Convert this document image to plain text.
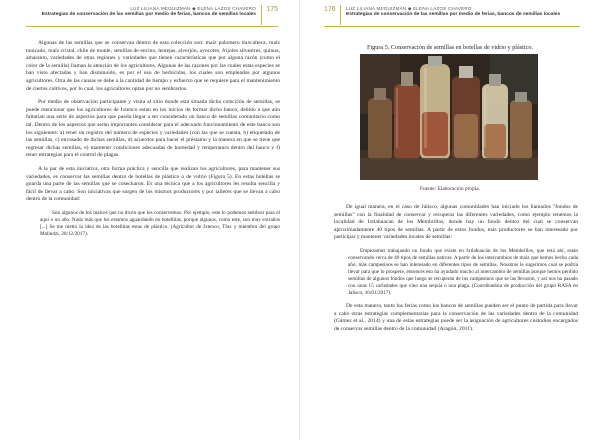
LUZ LILIANA MEGUIZMÁN ◆ ELENA LAZOS CHAVERO
Estrategias de conservación de las semillas por medio de ferias, bancos de semillas locales
175

Algunas de las semillas que se conservan dentro de esta colección son: maíz palomero tlaxcalteca, maíz tunicado, maíz cristal, chile de monte, semillas de encino, lentejas, alverjón, ayocotes, frijoles silvestres, quinua, amaranto, variedades de otras regiones y variedades que tienen características que por alguna razón (como el color de la semilla) llaman la atención de los agricultores. Algunas de las razones por las cuales estas especies se han visto afectadas y han disminuido, es por el uso de herbicidas, los cuales son empleados por algunos agricultores. Otra de las causas se debe a la cantidad de tiempo y esfuerzo que se requiere para el mantenimiento de ciertos cultivos, por lo cual, los agricultores optan por no sembrarlos.

Por medio de observación participante y visita al sitio donde está situada dicha colección de semillas, se puede mencionar que los agricultores de Ixtenco están en los inicios de formar dicho banco, debido a que aún faltarían una serie de aspectos para que pueda llegar a ser considerado un banco de semillas comunitario como tal. Dentro de los aspectos que serán importantes considerar para el adecuado funcionamiento de este banco son los siguientes: a) tener un registro del número de especies y variedades (con las que se cuenta, b) etiquetado de las semillas, c) envasado de dichas semillas, d) acuerdos para hacer el préstamo y la manera en que se tiene que regresar dichas semillas, e) mantener condiciones adecuadas de humedad y temperatura dentro del banco y f) tener estrategias para el control de plagas.

A la par de esta iniciativa, otra forma práctica y sencilla que realizan los agricultores, para mantener sus variedades, es conservar las semillas dentro de botellas de plástico o de vidrio (Figura 5). En estas botellas se guarda una parte de las semillas que se cosecharon. Es una técnica que a los agricultores les resulta sencilla y fácil de llevar a cabo. Son iniciativas que surgen de los mismos productores y por talleres que se llevan a cabo dentro de la comunidad:

Son algunos de los maíces que no dicen que los conservemos. Por ejemplo, este lo podemos sembrar para el aquí o un año. Nada más que los estamos aguardando en botellitas, porque algunos, como este, son muy extraños [...] Se me metió la idea de las botellitas estas de plástico. (Agricultor de Ixtenco, Tlax y miembro del grupo Malindzi, 20/12/2017).

176 LUZ LILIANA MEGUIZMÁN ◆ ELENA LAZOS CHAVERO
Estrategias de conservación de las semillas por medio de ferias, bancos de semillas locales
Figura 5. Conservación de semillas en botellas de vidrio y plástico.
Fuente: Elaboración propia.

De igual manera, en el caso de Jalisco, algunas comunidades han iniciado los llamados "fondos de semillas" con la finalidad de conservar y recuperar las diferentes variedades, como ejemplo tenemos la localidad de Ixtlahuacán de los Membrillos, donde hay un fondo dentro del cual se conservan aproximadamente 40 tipos de semillas. A partir de estos fondos, más productores se han interesado por participar y mantener variedades locales de semillas:

Empezamos trabajando un fondo que existe en Ixtlahuacán de los Membrillos, que está ahí, están conservando cerca de 40 tipos de semillas nativas. A partir de los intercambios de maíz que hemos hecho cada año, más campesinos se han interesado en diferentes tipos de semillas. Nosotros le sugerimos cual se podría llevar para que lo prospere, entonces eso ha ayudado mucho al intercambio de semillas porque hemos perdido semillas de algunos fondos que luego se recuperan de los campesinos que se las llevaron, y así nos ha pasado con unas 15 variedades que vino una sequía o una plaga. (Coordinadora de producción del grupo RASA en Jalisco, 16/01/2017).

De esta manera, tanto los ferias como los bancos de semillas pueden ser el punto de partida para llevar a cabo otras estrategias complementarias para la conservación de las variedades dentro de la comunidad (Gámez et al., 2014) y una de estas estrategias puede ser la asignación de agricultores custodios encargados de conservar semillas dentro de la comunidad (Aragón, 2011).
